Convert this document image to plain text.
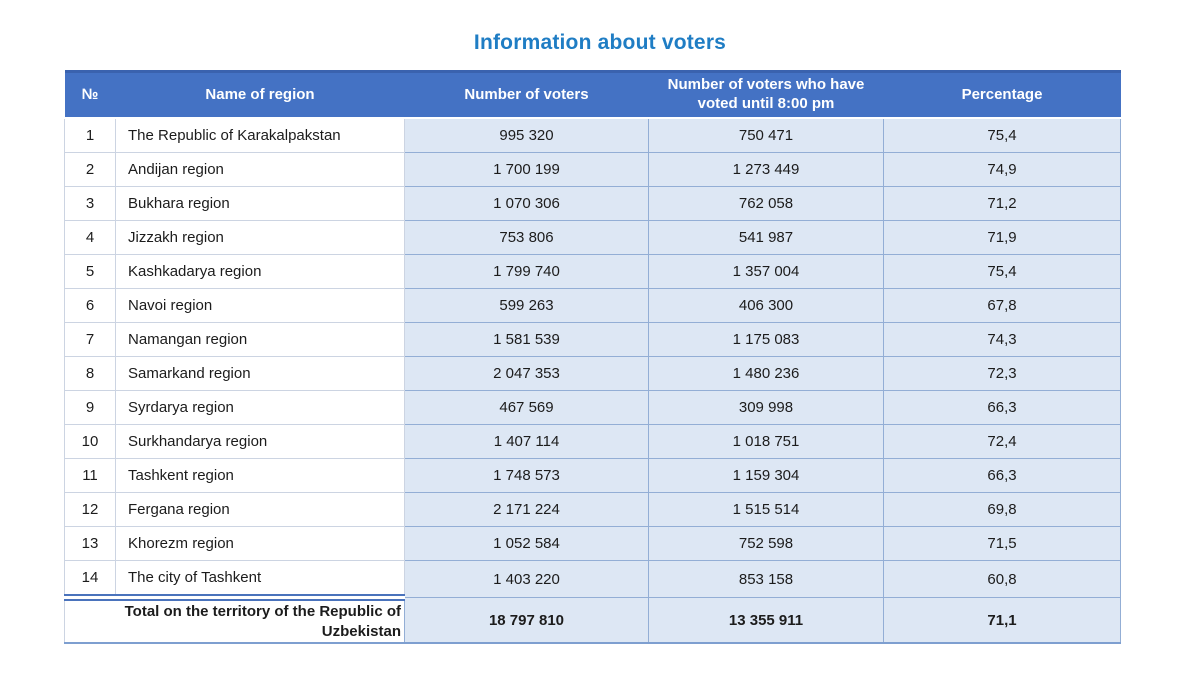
Information about voters
№	Name of region	Number of voters	Number of voters who have voted until 8:00 pm	Percentage
1	The Republic of Karakalpakstan	995 320	750 471	75,4
2	Andijan region	1 700 199	1 273 449	74,9
3	Bukhara region	1 070 306	762 058	71,2
4	Jizzakh region	753 806	541 987	71,9
5	Kashkadarya region	1 799 740	1 357 004	75,4
6	Navoi region	599 263	406 300	67,8
7	Namangan region	1 581 539	1 175 083	74,3
8	Samarkand region	2 047 353	1 480 236	72,3
9	Syrdarya region	467 569	309 998	66,3
10	Surkhandarya region	1 407 114	1 018 751	72,4
11	Tashkent region	1 748 573	1 159 304	66,3
12	Fergana region	2 171 224	1 515 514	69,8
13	Khorezm region	1 052 584	752 598	71,5
14	The city of Tashkent	1 403 220	853 158	60,8
Total on the territory of the Republic of Uzbekistan		18 797 810	13 355 911	71,1
